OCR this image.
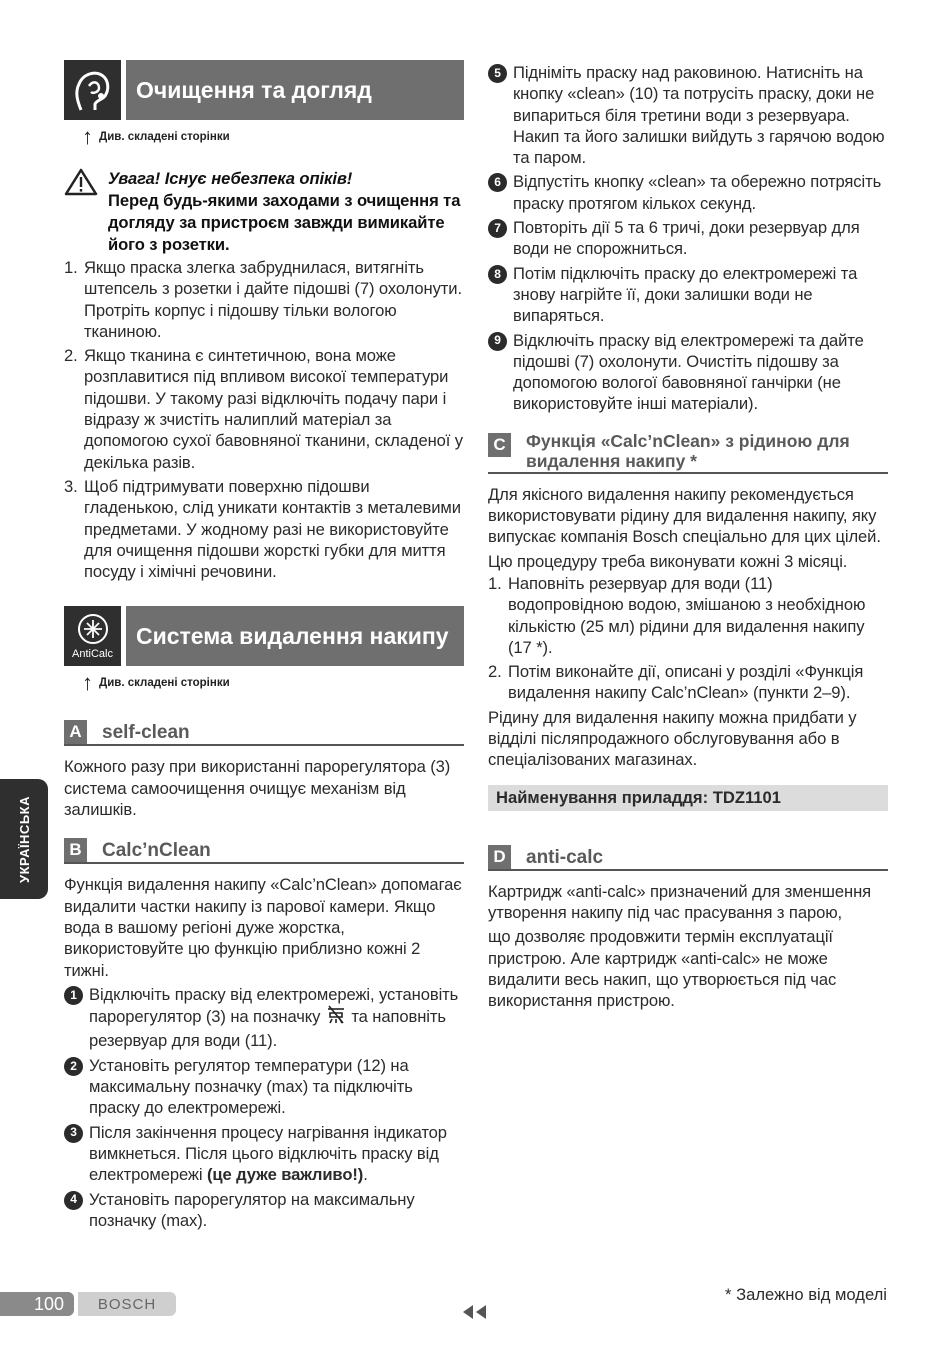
Очищення та догляд
↑ Див. складені сторінки

Увага! Існує небезпека опіків!

Перед будь-якими заходами з очищення та догляду за пристроєм завжди вимикайте його з розетки.

1. Якщо праска злегка забруднилася, витягніть штепсель з розетки і дайте підошві (7) охолонути. Протріть корпус і підошву тільки вологою тканиною.
2. Якщо тканина є синтетичною, вона може розплавитися під впливом високої температури підошви. У такому разі відключіть подачу пари і відразу ж зчистіть налиплий матеріал за допомогою сухої бавовняної тканини, складеної у декілька разів.
3. Щоб підтримувати поверхню підошви гладенькою, слід уникати контактів з металевими предметами. У жодному разі не використовуйте для очищення підошви жорсткі губки для миття посуду і хімічні речовини.
AntiCalc
Система видалення накипу
↑ Див. складені сторінки
A self-clean

Кожного разу при використанні парорегулятора (3) система самоочищення очищує механізм від залишків.

B Calc’nClean

Функція видалення накипу «Calc’nClean» допомагає видалити частки накипу із парової камери. Якщо вода в вашому регіоні дуже жорстка, використовуйте цю функцію приблизно кожні 2 тижні.

1 Відключіть праску від електромережі, установіть парорегулятор (3) на позначку та наповніть резервуар для води (11).
2 Установіть регулятор температури (12) на максимальну позначку (max) та підключіть праску до електромережі.
3 Після закінчення процесу нагрівання індикатор вимкнеться. Після цього відключіть праску від електромережі (це дуже важливо!).
4 Установіть парорегулятор на максимальну позначку (max).
5 Підніміть праску над раковиною. Натисніть на кнопку «clean» (10) та потрусіть праску, доки не випариться біля третини води з резервуара. Накип та його залишки вийдуть з гарячою водою та паром.
6 Відпустіть кнопку «clean» та обережно потрясіть праску протягом кількох секунд.
7 Повторіть дії 5 та 6 тричі, доки резервуар для води не спорожниться.
8 Потім підключіть праску до електромережі та знову нагрійте її, доки залишки води не випаряться.
9 Відключіть праску від електромережі та дайте підошві (7) охолонути. Очистіть підошву за допомогою вологої бавовняної ганчірки (не використовуйте інші матеріали).
C	Функція «Calc’nClean» з рідиною для видалення накипу *

Для якісного видалення накипу рекомендується використовувати рідину для видалення накипу, яку випускає компанія Bosch спеціально для цих цілей.

Цю процедуру треба виконувати кожні 3 місяці.

1. Наповніть резервуар для води (11) водопровідною водою, змішаною з необхідною кількістю (25 мл) рідини для видалення накипу (17 *).
2. Потім виконайте дії, описані у розділі «Функція видалення накипу Calc’nClean» (пункти 2–9).

Рідину для видалення накипу можна придбати у відділі післяпродажного обслуговування або в спеціалізованих магазинах.

Найменування приладдя: TDZ1101
D anti-calc

Картридж «anti-calc» призначений для зменшення утворення накипу під час прасування з парою,

що дозволяє продовжити термін експлуатації пристрою. Але картридж «anti-calc» не може видалити весь накип, що утворюється під час використання пристрою.

УКРАЇНСЬКА
100	BOSCH	* Залежно від моделі
